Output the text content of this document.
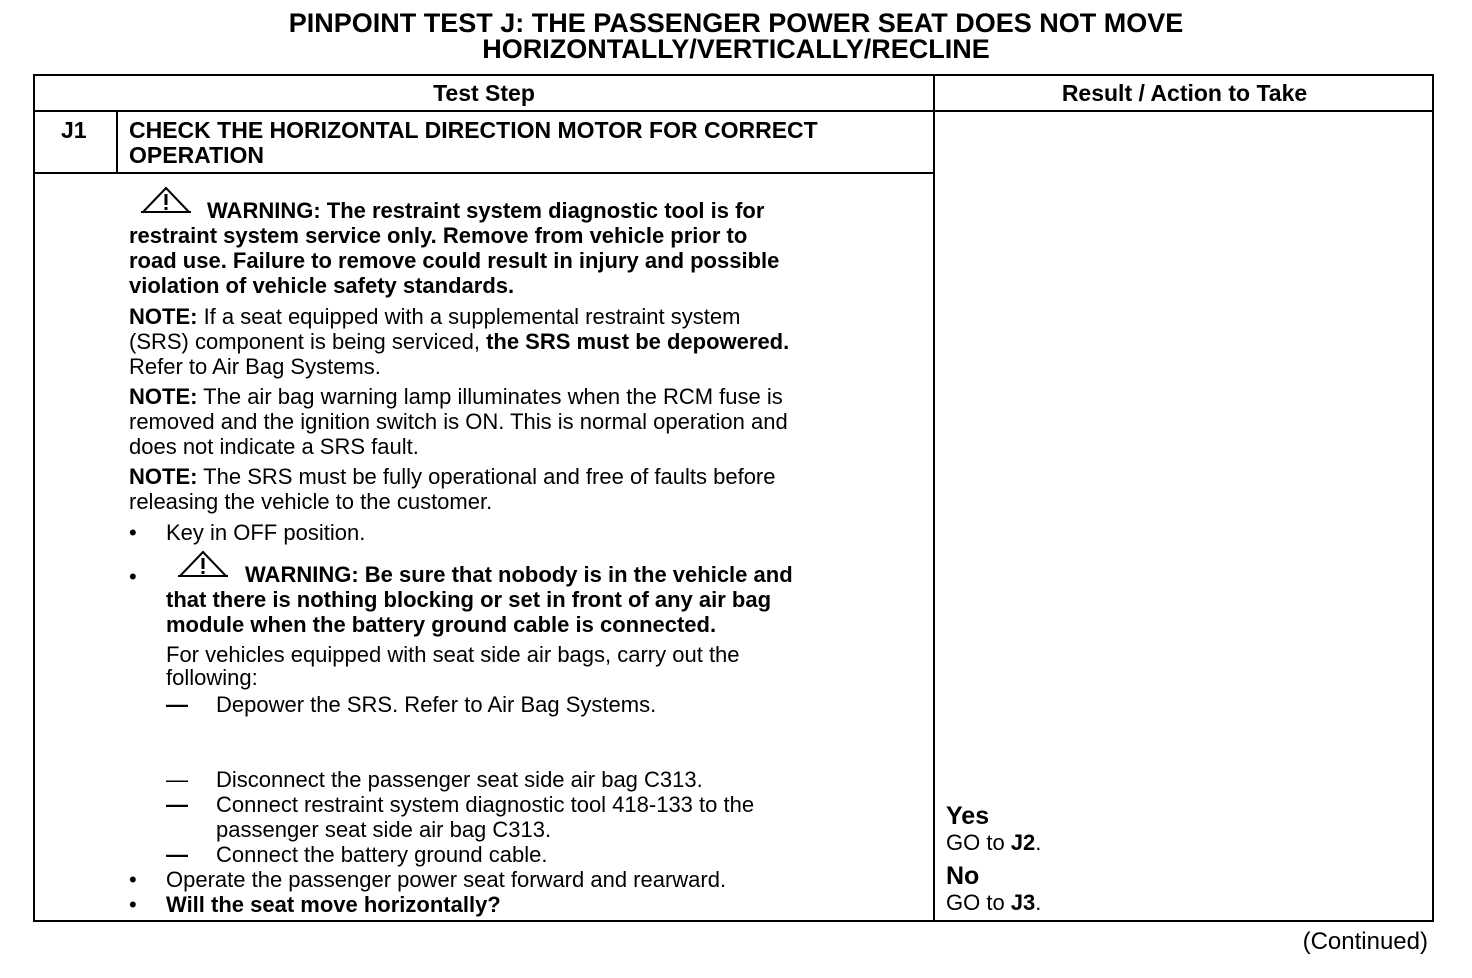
PINPOINT TEST J: THE PASSENGER POWER SEAT DOES NOT MOVE
HORIZONTALLY/VERTICALLY/RECLINE
Test Step	Result / Action to Take
J1 CHECK THE HORIZONTAL DIRECTION MOTOR FOR CORRECT
OPERATION
WARNING: The restraint system diagnostic tool is for
restraint system service only. Remove from vehicle prior to
road use. Failure to remove could result in injury and possible
violation of vehicle safety standards.
NOTE: If a seat equipped with a supplemental restraint system
(SRS) component is being serviced, the SRS must be depowered.
Refer to Air Bag Systems.
NOTE: The air bag warning lamp illuminates when the RCM fuse is
removed and the ignition switch is ON. This is normal operation and
does not indicate a SRS fault.
NOTE: The SRS must be fully operational and free of faults before
releasing the vehicle to the customer.
• Key in OFF position.
•	WARNING: Be sure that nobody is in the vehicle and
that there is nothing blocking or set in front of any air bag
module when the battery ground cable is connected.
For vehicles equipped with seat side air bags, carry out the
following:
— Depower the SRS. Refer to Air Bag Systems.
— Disconnect the passenger seat side air bag C313.
— Connect restraint system diagnostic tool 418-133 to the
passenger seat side air bag C313.
— Connect the battery ground cable.
• Operate the passenger power seat forward and rearward.
• Will the seat move horizontally?
Yes
GO to J2.
No
GO to J3.
(Continued)
